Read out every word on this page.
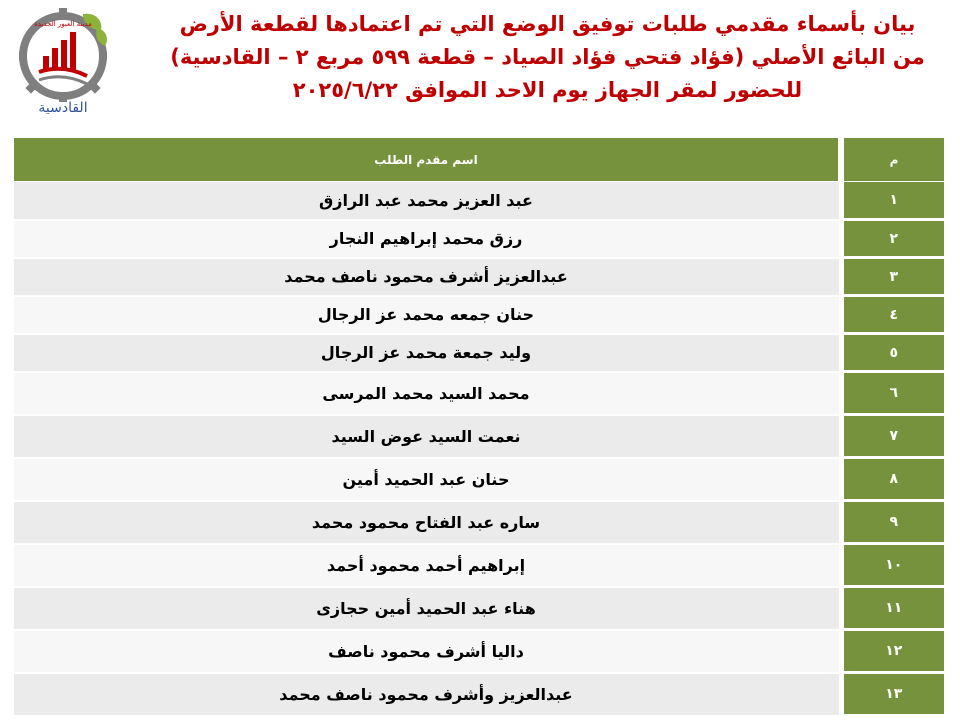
مدينة العبور الجديدة
القادسية
بيان بأسماء مقدمي طلبات توفيق الوضع التي تم اعتمادها لقطعة الأرض
من البائع الأصلي (فؤاد فتحي فؤاد الصياد – قطعة ٥٩٩ مربع ٢ – القادسية)
للحضور لمقر الجهاز يوم الاحد الموافق ٢٠٢٥/٦/٢٢
م		اسم مقدم الطلب
١		عبد العزيز محمد عبد الرازق
٢		رزق محمد إبراهيم النجار
٣		عبدالعزيز أشرف محمود ناصف محمد
٤		حنان جمعه محمد عز الرجال
٥		وليد جمعة محمد عز الرجال
٦		محمد السيد محمد المرسى
٧		نعمت السيد عوض السيد
٨		حنان عبد الحميد أمين
٩		ساره عبد الفتاح محمود محمد
١٠		إبراهيم أحمد محمود أحمد
١١		هناء عبد الحميد أمين حجازى
١٢		داليا أشرف محمود ناصف
١٣		عبدالعزيز وأشرف محمود ناصف محمد
